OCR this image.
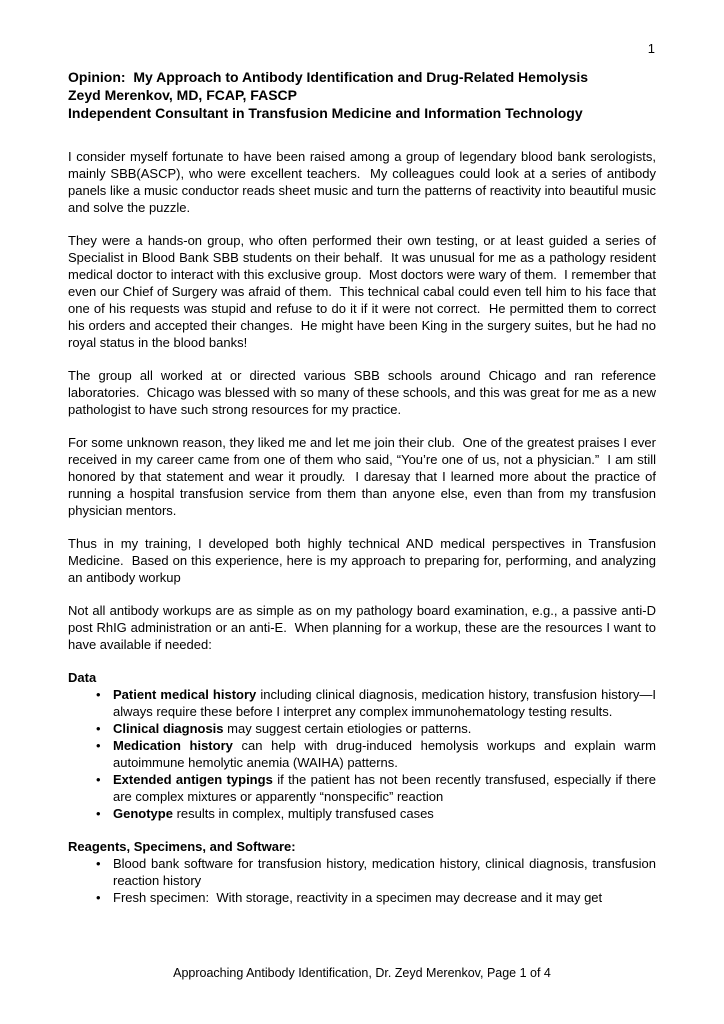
1
Opinion:  My Approach to Antibody Identification and Drug-Related Hemolysis
Zeyd Merenkov, MD, FCAP, FASCP
Independent Consultant in Transfusion Medicine and Information Technology

I consider myself fortunate to have been raised among a group of legendary blood bank serologists, mainly SBB(ASCP), who were excellent teachers.  My colleagues could look at a series of antibody panels like a music conductor reads sheet music and turn the patterns of reactivity into beautiful music and solve the puzzle.

They were a hands-on group, who often performed their own testing, or at least guided a series of Specialist in Blood Bank SBB students on their behalf.  It was unusual for me as a pathology resident medical doctor to interact with this exclusive group.  Most doctors were wary of them.  I remember that even our Chief of Surgery was afraid of them.  This technical cabal could even tell him to his face that one of his requests was stupid and refuse to do it if it were not correct.  He permitted them to correct his orders and accepted their changes.  He might have been King in the surgery suites, but he had no royal status in the blood banks!

The group all worked at or directed various SBB schools around Chicago and ran reference laboratories.  Chicago was blessed with so many of these schools, and this was great for me as a new pathologist to have such strong resources for my practice.

For some unknown reason, they liked me and let me join their club.  One of the greatest praises I ever received in my career came from one of them who said, “You’re one of us, not a physician.”  I am still honored by that statement and wear it proudly.  I daresay that I learned more about the practice of running a hospital transfusion service from them than anyone else, even than from my transfusion physician mentors.

Thus in my training, I developed both highly technical AND medical perspectives in Transfusion Medicine.  Based on this experience, here is my approach to preparing for, performing, and analyzing an antibody workup

Not all antibody workups are as simple as on my pathology board examination, e.g., a passive anti-D post RhIG administration or an anti-E.  When planning for a workup, these are the resources I want to have available if needed:

Data
• Patient medical history including clinical diagnosis, medication history, transfusion history—I always require these before I interpret any complex immunohematology testing results.
• Clinical diagnosis may suggest certain etiologies or patterns.
• Medication history can help with drug-induced hemolysis workups and explain warm autoimmune hemolytic anemia (WAIHA) patterns.
• Extended antigen typings if the patient has not been recently transfused, especially if there are complex mixtures or apparently “nonspecific” reaction
• Genotype results in complex, multiply transfused cases
Reagents, Specimens, and Software:
• Blood bank software for transfusion history, medication history, clinical diagnosis, transfusion reaction history
• Fresh specimen:  With storage, reactivity in a specimen may decrease and it may get
Approaching Antibody Identification, Dr. Zeyd Merenkov, Page 1 of 4
